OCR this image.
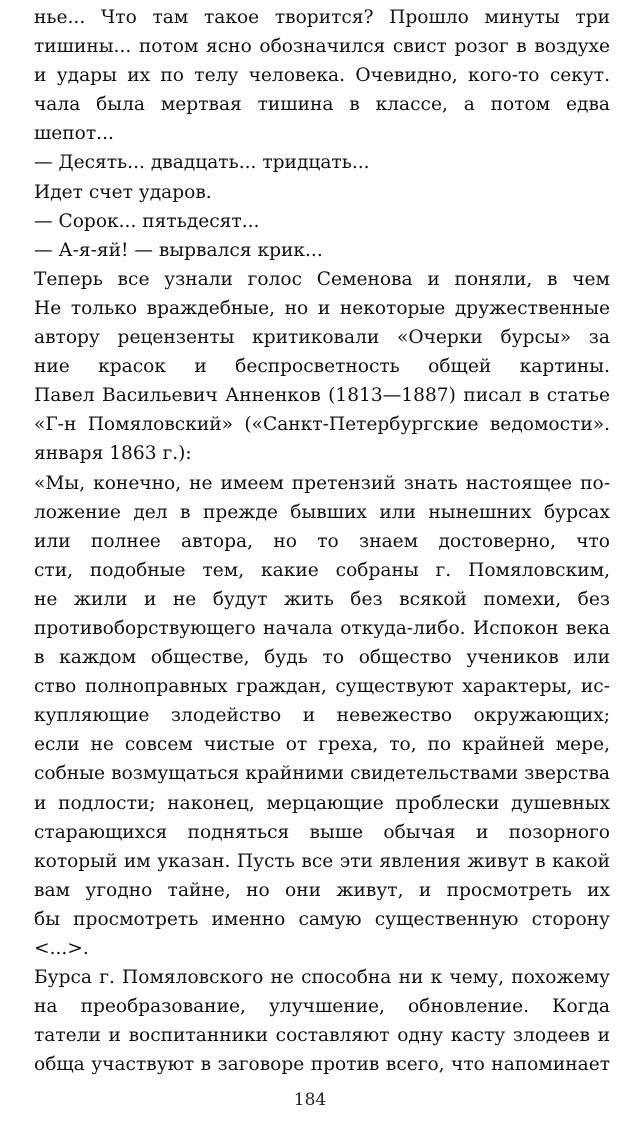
нье... Что там такое творится? Прошло минуты три
тишины... потом ясно обозначился свист розог в воздухе
и удары их по телу человека. Очевидно, кого-то секут.
чала была мертвая тишина в классе, а потом едва
шепот...
— Десять... двадцать... тридцать...
Идет счет ударов.
— Сорок... пятьдесят...
— А-я-яй! — вырвался крик...
Теперь все узнали голос Семенова и поняли, в чем
Не только враждебные, но и некоторые дружественные
автору рецензенты критиковали «Очерки бурсы» за
ние красок и беспросветность общей картины.
Павел Васильевич Анненков (1813—1887) писал в статье
«Г-н Помяловский» («Санкт-Петербургские ведомости».
января 1863 г.):
«Мы, конечно, не имеем претензий знать настоящее по-
ложение дел в прежде бывших или нынешних бурсах
или полнее автора, но то знаем достоверно, что
сти, подобные тем, какие собраны г. Помяловским,
не жили и не будут жить без всякой помехи, без
противоборствующего начала откуда-либо. Испокон века
в каждом обществе, будь то общество учеников или
ство полноправных граждан, существуют характеры, ис-
купляющие злодейство и невежество окружающих;
если не совсем чистые от греха, то, по крайней мере,
собные возмущаться крайними свидетельствами зверства
и подлости; наконец, мерцающие проблески душевных
старающихся подняться выше обычая и позорного
который им указан. Пусть все эти явления живут в какой
вам угодно тайне, но они живут, и просмотреть их
бы просмотреть именно самую существенную сторону
<...>.
Бурса г. Помяловского не способна ни к чему, похожему
на преобразование, улучшение, обновление. Когда
татели и воспитанники составляют одну касту злодеев и
обща участвуют в заговоре против всего, что напоминает
184
